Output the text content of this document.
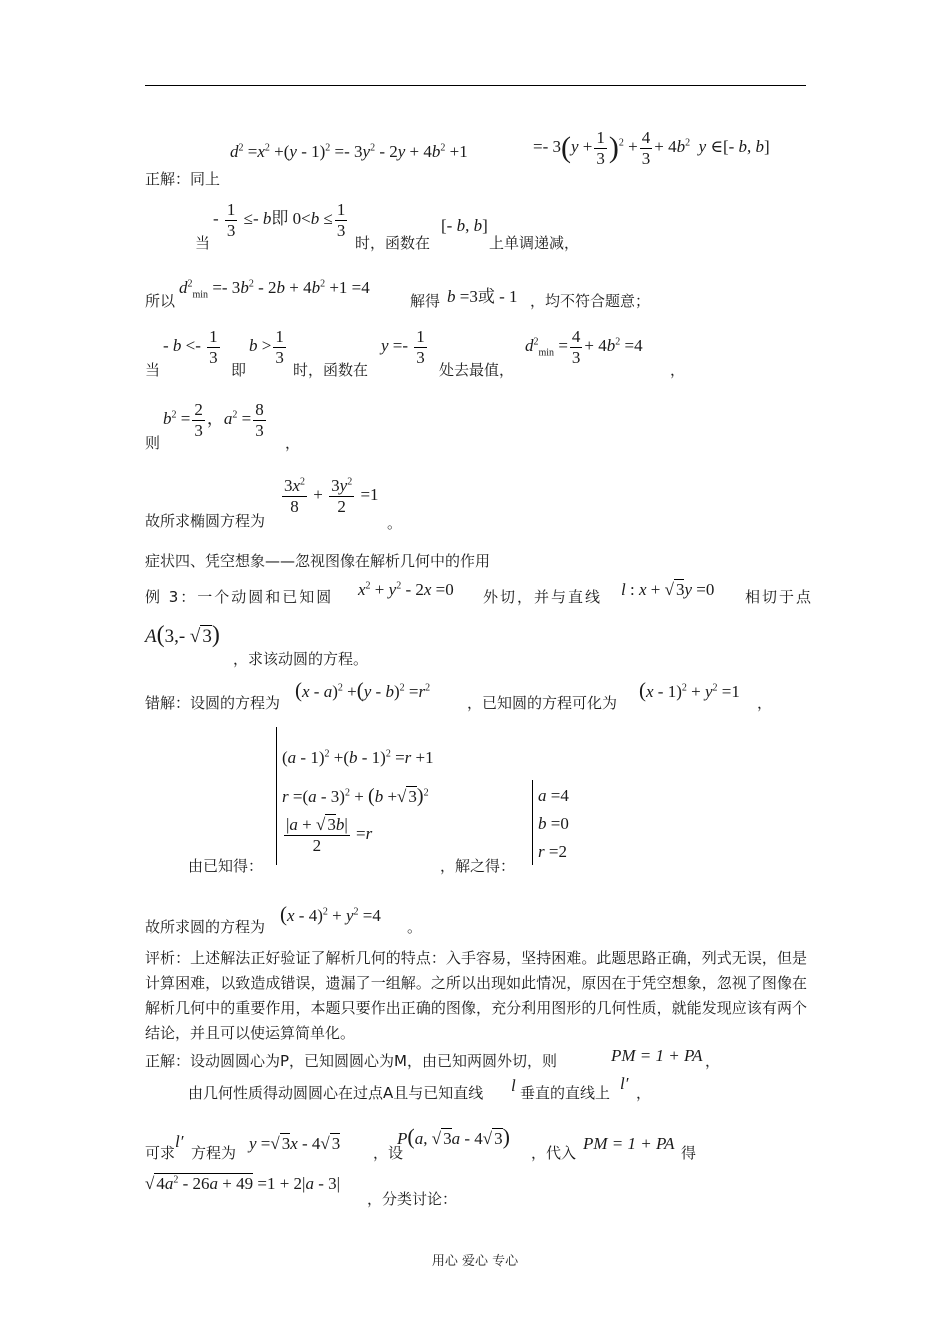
正解：同上
$d^2 =x^2 +(y - 1)^2 =- 3y^2 - 2y + 4b^2 +1$	=- $3(y + \frac{1}{3} )^2 + \frac{4}{3} + 4b^2$ y ∈[- b, b]
当
- $\frac{1}{3} \le- b$即 $0<b \le \frac{1}{3}$
时，函数在
[- b, b]
上单调递减，
所以
$d^2_{min} =- 3b^2 - 2b + 4b^2 +1 =4$
解得 b =3或 - 1 ，均不符合题意；
当
- $b <- \frac{1}{3}$
即
$b > \frac{1}{3}$
时，函数在
$y =- \frac{1}{3}$
处去最值，
$d^2_{min} = \frac{4}{3} + 4b^2 =4$
，
则
$b^2 = \frac{2}{3}$ ，$a^2 = \frac{8}{3}$
，
故所求椭圆方程为
$\frac{3x^2}{8} + \frac{3y^2}{2} =1$
。
症状四、凭空想象——忽视图像在解析几何中的作用
例 3：一个动圆和已知圆 $x^2 + y^2 - 2x =0$ 外切，并与直线 l : x + √ 3y =0 相切于点
A(3,- √ 3)
，求该动圆的方程。
错解：设圆的方程为
$(x - a)^2 +(y - b)^2 =r^2$
，已知圆的方程可化为
$(x - 1)^2 + y^2 =1$
，
(a - 1)$^2$ +(b - 1)$^2$ =r +1
r =(a - 3)$^2$ + (b +√ 3)$^2$
$\frac{|a + √ 3b|}{2} =r$
由已知得：	，解之得：
a =4
b =0
r =2
故所求圆的方程为
$(x - 4)^2 + y^2 =4$
。
评析：上述解法正好验证了解析几何的特点：入手容易，坚持困难。此题思路正确，列式无误，但是计算困难，以致造成错误，遗漏了一组解。之所以出现如此情况，原因在于凭空想象，忽视了图像在解析几何中的重要作用，本题只要作出正确的图像，充分利用图形的几何性质，就能发现应该有两个结论，并且可以使运算简单化。
正解：设动圆圆心为P，已知圆圆心为M，由已知两圆外切，则	PM = 1 + PA ，
由几何性质得动圆圆心在过点A且与已知直线 l 垂直的直线上 l′ ，
可求
l′
方程为 y =√ 3x - 4√ 3 ，设
P(a, √ 3a - 4√ 3)
，代入 PM = 1 + PA 得
√ $4a^2 - 26a + 49 =1 + 2|a - 3|$
，分类讨论：
用心 爱心 专心
